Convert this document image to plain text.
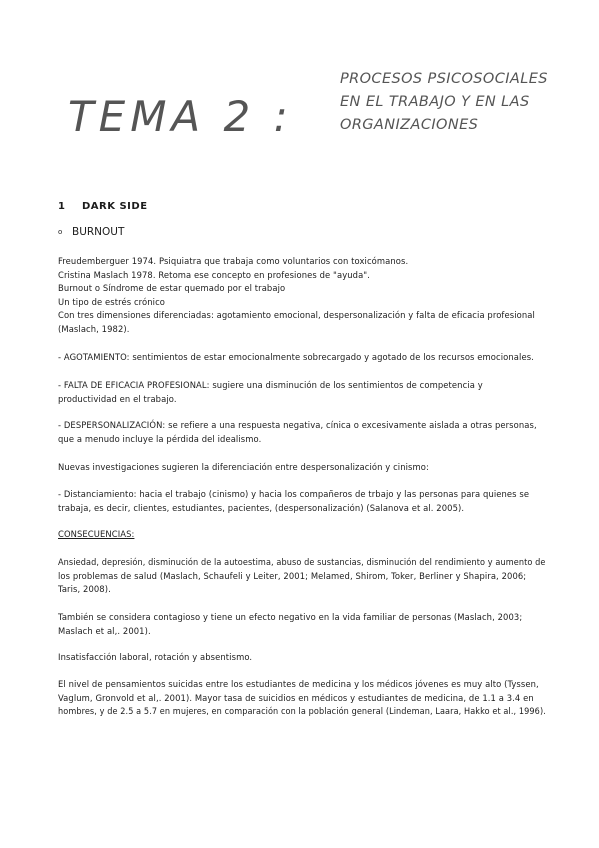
TEMA 2 :
PROCESOS PSICOSOCIALES
EN EL TRABAJO Y EN LAS
ORGANIZACIONES
1 DARK SIDE
o BURNOUT
Freudemberguer 1974. Psiquiatra que trabaja como voluntarios con toxicómanos.
Cristina Maslach 1978. Retoma ese concepto en profesiones de "ayuda".
Burnout o Síndrome de estar quemado por el trabajo
Un tipo de estrés crónico
Con tres dimensiones diferenciadas: agotamiento emocional, despersonalización y falta de eficacia profesional
(Maslach, 1982).
- AGOTAMIENTO: sentimientos de estar emocionalmente sobrecargado y agotado de los recursos emocionales.
- FALTA DE EFICACIA PROFESIONAL: sugiere una disminución de los sentimientos de competencia y
productividad en el trabajo.
- DESPERSONALIZACIÓN: se refiere a una respuesta negativa, cínica o excesivamente aislada a otras personas,
que a menudo incluye la pérdida del idealismo.
Nuevas investigaciones sugieren la diferenciación entre despersonalización y cinismo:
- Distanciamiento: hacia el trabajo (cinismo) y hacia los compañeros de trbajo y las personas para quienes se
trabaja, es decir, clientes, estudiantes, pacientes, (despersonalización) (Salanova et al. 2005).
CONSECUENCIAS:
Ansiedad, depresión, disminución de la autoestima, abuso de sustancias, disminución del rendimiento y aumento de
los problemas de salud (Maslach, Schaufeli y Leiter, 2001; Melamed, Shirom, Toker, Berliner y Shapira, 2006;
Taris, 2008).
También se considera contagioso y tiene un efecto negativo en la vida familiar de personas (Maslach, 2003;
Maslach et al,. 2001).
Insatisfacción laboral, rotación y absentismo.
El nivel de pensamientos suicidas entre los estudiantes de medicina y los médicos jóvenes es muy alto (Tyssen,
Vaglum, Gronvold et al,. 2001). Mayor tasa de suicidios en médicos y estudiantes de medicina, de 1.1 a 3.4 en
hombres, y de 2.5 a 5.7 en mujeres, en comparación con la población general (Lindeman, Laara, Hakko et al., 1996).
